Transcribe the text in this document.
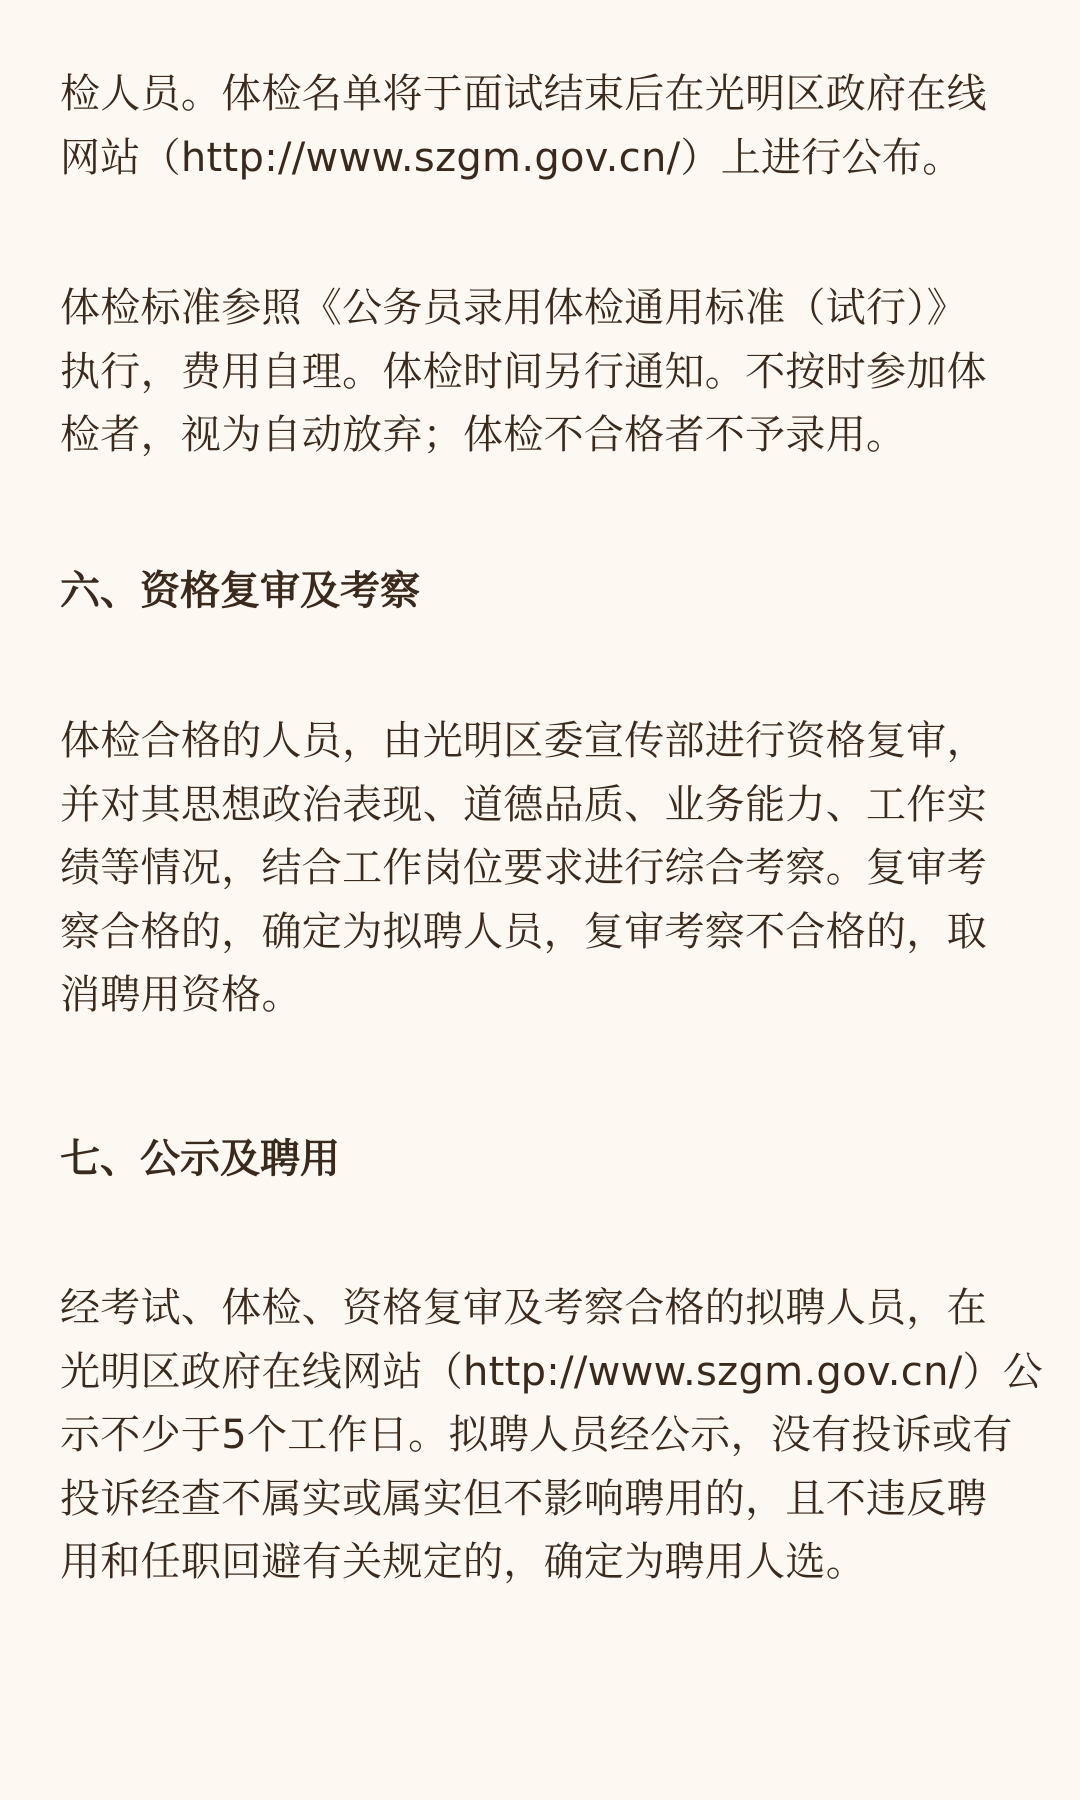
检人员。体检名单将于面试结束后在光明区政府在线
网站（http://www.szgm.gov.cn/）上进行公布。

体检标准参照《公务员录用体检通用标准（试行）》
执行，费用自理。体检时间另行通知。不按时参加体
检者，视为自动放弃；体检不合格者不予录用。

六、资格复审及考察

体检合格的人员，由光明区委宣传部进行资格复审，
并对其思想政治表现、道德品质、业务能力、工作实
绩等情况，结合工作岗位要求进行综合考察。复审考
察合格的，确定为拟聘人员，复审考察不合格的，取
消聘用资格。

七、公示及聘用

经考试、体检、资格复审及考察合格的拟聘人员，在
光明区政府在线网站（http://www.szgm.gov.cn/）公
示不少于5个工作日。拟聘人员经公示，没有投诉或有
投诉经查不属实或属实但不影响聘用的，且不违反聘
用和任职回避有关规定的，确定为聘用人选。
